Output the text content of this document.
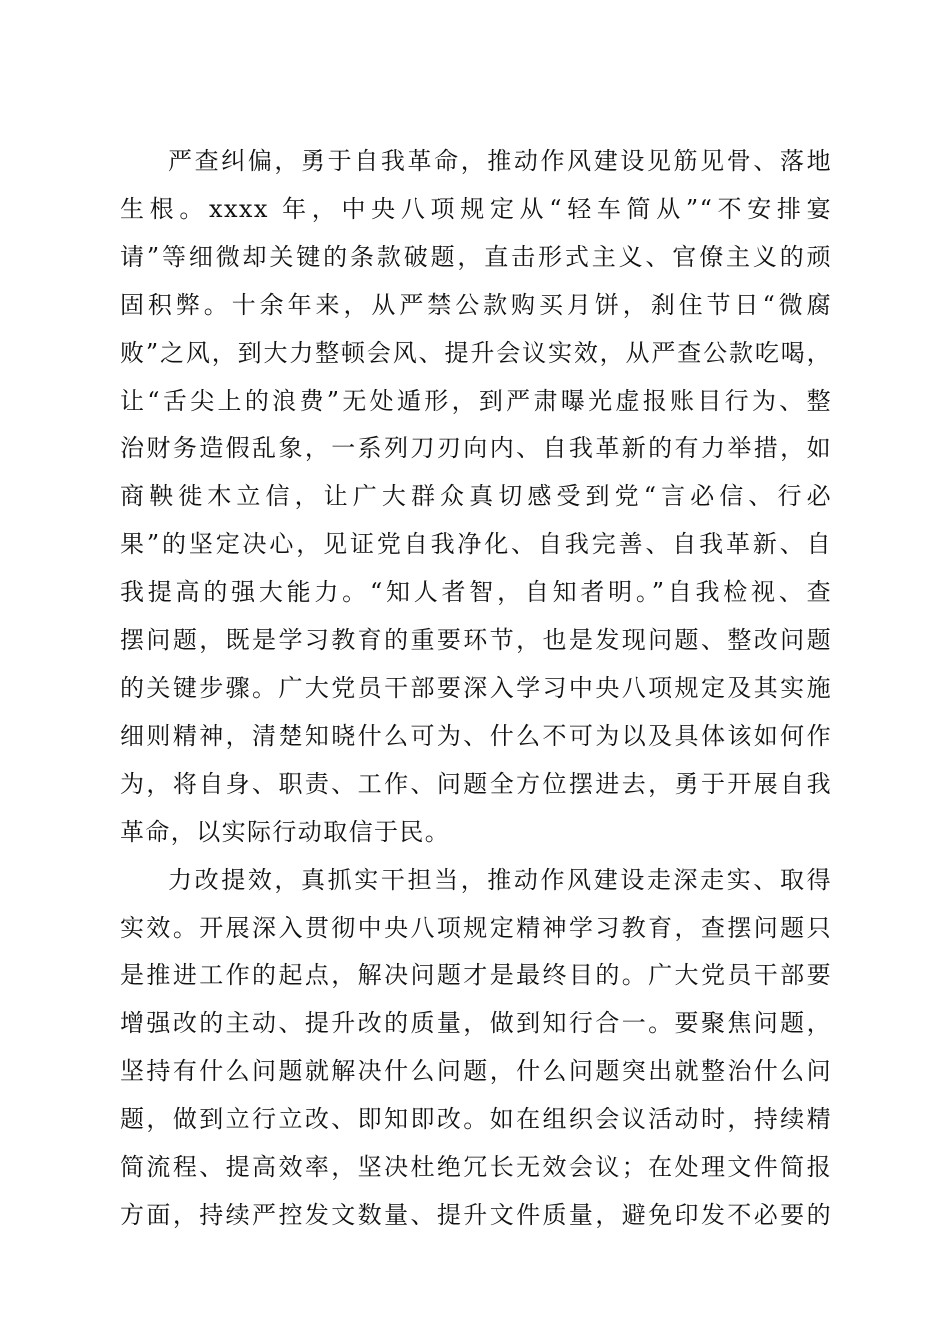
严查纠偏，勇于自我革命，推动作风建设见筋见骨、落地
生根。xxxx 年，中央八项规定从“轻车简从”“不安排宴
请”等细微却关键的条款破题，直击形式主义、官僚主义的顽
固积弊。十余年来，从严禁公款购买月饼，刹住节日“微腐
败”之风，到大力整顿会风、提升会议实效，从严查公款吃喝，
让“舌尖上的浪费”无处遁形，到严肃曝光虚报账目行为、整
治财务造假乱象，一系列刀刃向内、自我革新的有力举措，如
商鞅徙木立信，让广大群众真切感受到党“言必信、行必
果”的坚定决心，见证党自我净化、自我完善、自我革新、自
我提高的强大能力。“知人者智，自知者明。”自我检视、查
摆问题，既是学习教育的重要环节，也是发现问题、整改问题
的关键步骤。广大党员干部要深入学习中央八项规定及其实施
细则精神，清楚知晓什么可为、什么不可为以及具体该如何作
为，将自身、职责、工作、问题全方位摆进去，勇于开展自我
革命，以实际行动取信于民。

力改提效，真抓实干担当，推动作风建设走深走实、取得
实效。开展深入贯彻中央八项规定精神学习教育，查摆问题只
是推进工作的起点，解决问题才是最终目的。广大党员干部要
增强改的主动、提升改的质量，做到知行合一。要聚焦问题，
坚持有什么问题就解决什么问题，什么问题突出就整治什么问
题，做到立行立改、即知即改。如在组织会议活动时，持续精
简流程、提高效率，坚决杜绝冗长无效会议；在处理文件简报
方面，持续严控发文数量、提升文件质量，避免印发不必要的
